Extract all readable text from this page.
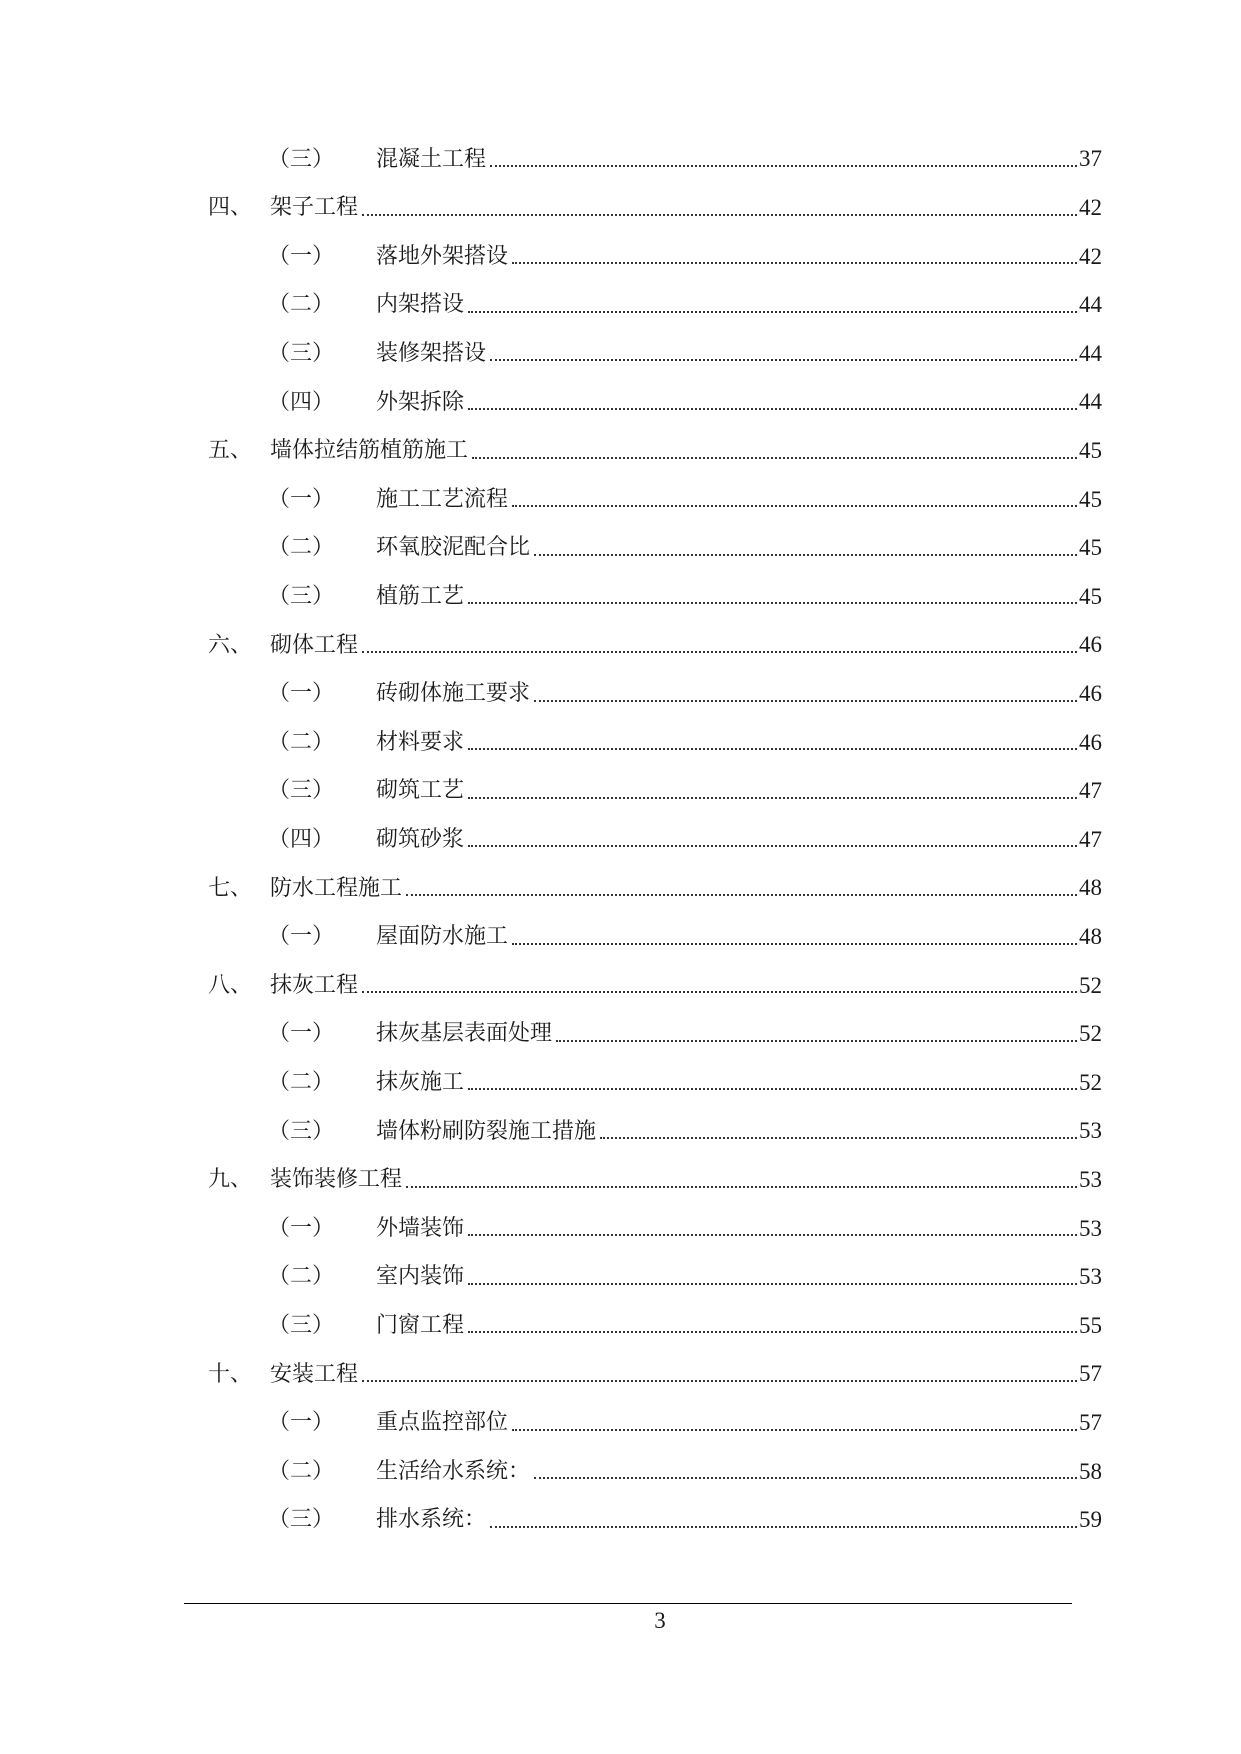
（三）	混凝土工程	37
四、 架子工程	42
（一）	落地外架搭设	42
（二）	内架搭设	44
（三）	装修架搭设	44
（四）	外架拆除	44
五、 墙体拉结筋植筋施工	45
（一）	施工工艺流程	45
（二）	环氧胶泥配合比	45
（三）	植筋工艺	45
六、 砌体工程	46
（一）	砖砌体施工要求	46
（二）	材料要求	46
（三）	砌筑工艺	47
（四）	砌筑砂浆	47
七、 防水工程施工	48
（一）	屋面防水施工	48
八、 抹灰工程	52
（一）	抹灰基层表面处理	52
（二）	抹灰施工	52
（三）	墙体粉刷防裂施工措施	53
九、 装饰装修工程	53
（一）	外墙装饰	53
（二）	室内装饰	53
（三）	门窗工程	55
十、 安装工程	57
（一）	重点监控部位	57
（二）	生活给水系统：	58
（三）	排水系统：	59
3
